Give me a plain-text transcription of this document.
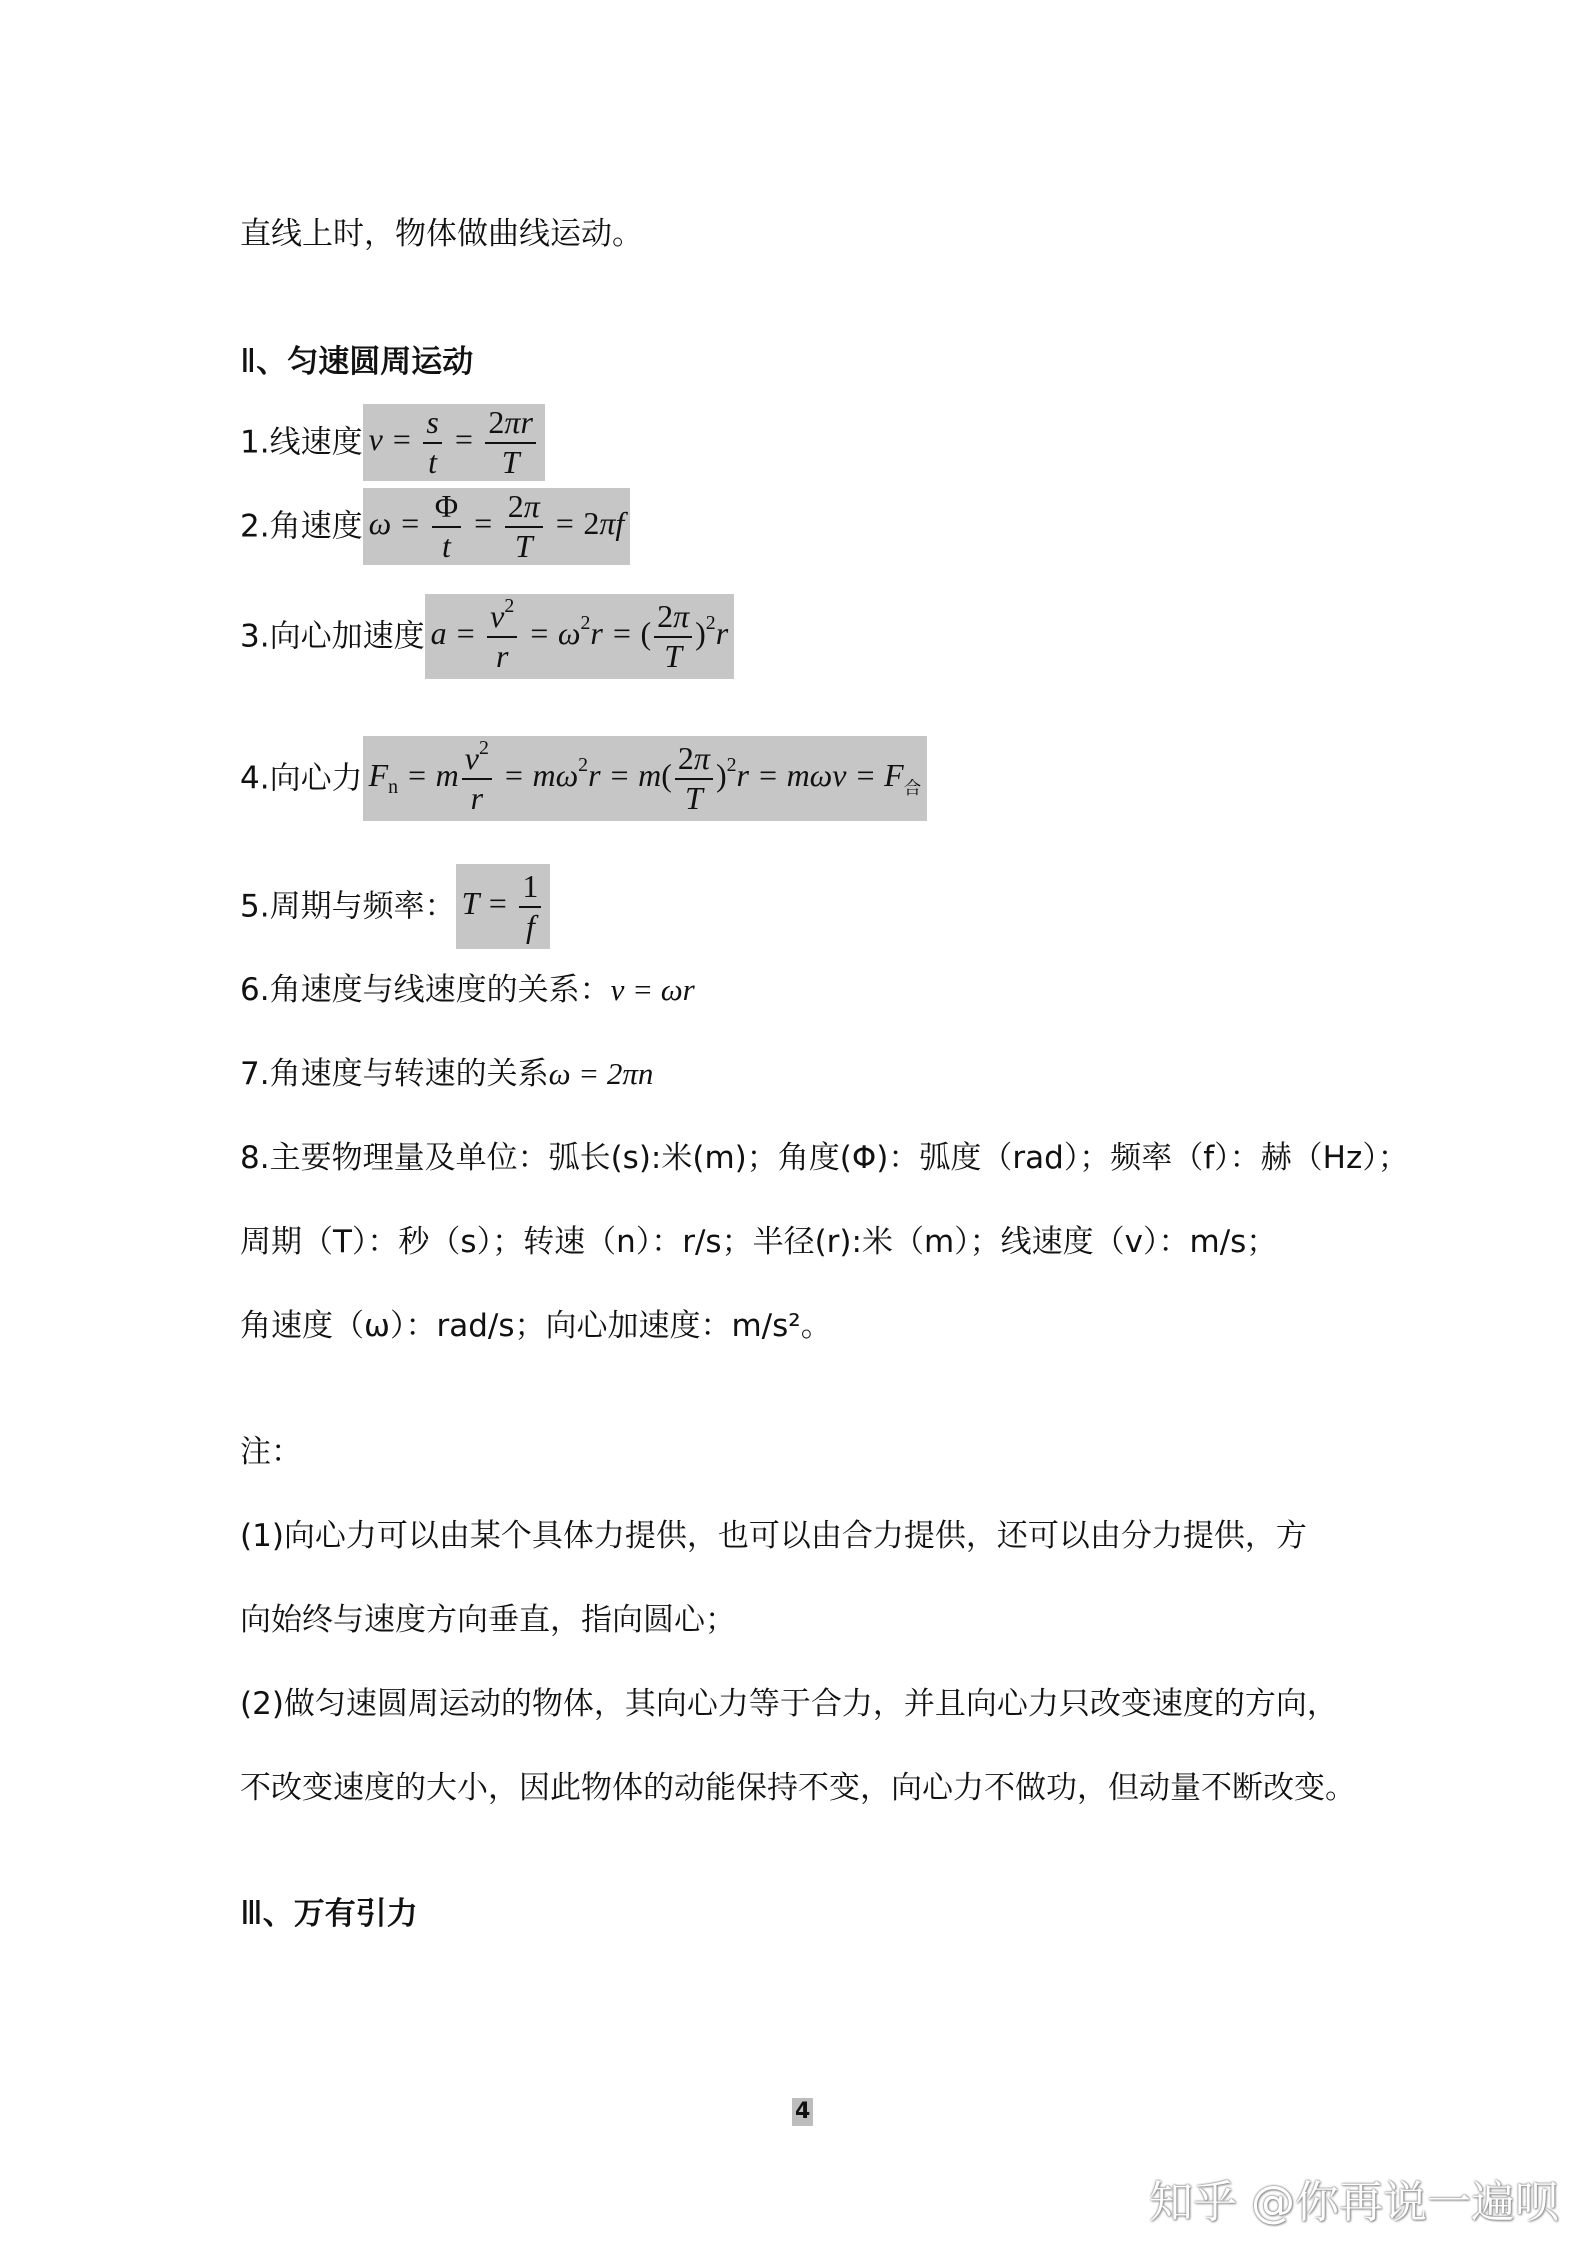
直线上时，物体做曲线运动。
Ⅱ、匀速圆周运动
1.线速度 $v = \frac{s}{t} = \frac{2\pi r}{T}$
2.角速度 $\omega = \frac{\Phi}{t} = \frac{2\pi}{T} = 2\pi f$
3.向心加速度 $a = \frac{v^2}{r} = \omega^2r$ = ( $\frac{2\pi}{T} )^2r$
4.向心力 $F_n = m \frac{v^2}{r} = m\omega^2r = m( \frac{2\pi}{T} )^2r = m\omega v = F_合$
5.周期与频率： $T = \frac{1}{f}$
6.角速度与线速度的关系：v = ωr
7.角速度与转速的关系ω = 2πn
8.主要物理量及单位：弧长(s):米(m)；角度(Φ)：弧度（rad）；频率（f）：赫（Hz）；
周期（T）：秒（s）；转速（n）：r/s；半径(r):米（m）；线速度（v）：m/s；
角速度（ω）：rad/s；向心加速度：m/s²。
注：
(1)向心力可以由某个具体力提供，也可以由合力提供，还可以由分力提供，方
向始终与速度方向垂直，指向圆心；
(2)做匀速圆周运动的物体，其向心力等于合力，并且向心力只改变速度的方向，
不改变速度的大小，因此物体的动能保持不变，向心力不做功，但动量不断改变。
Ⅲ、万有引力
4
知乎 @你再说一遍呗
